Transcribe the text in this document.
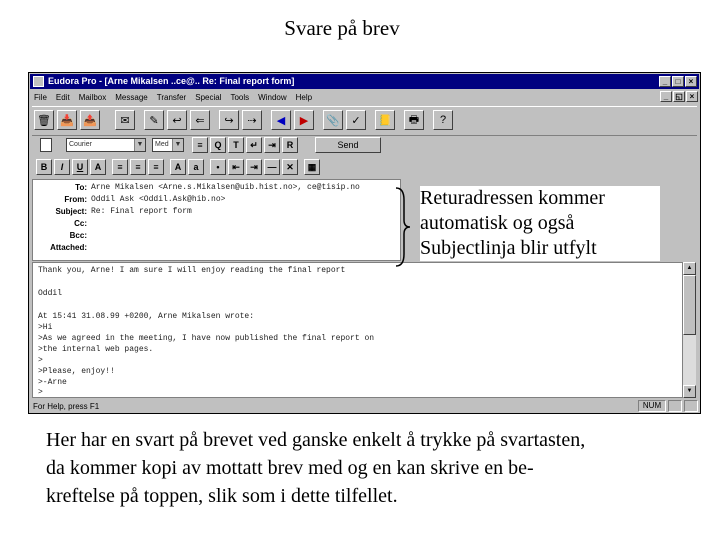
Svare på brev
Eudora Pro - [Arne Mikalsen ..ce@.. Re: Final report form]	_	□	×
File Edit Mailbox Message Transfer Special Tools Window Help	_ ◱ ×
🗑 📥 📤	✉	✎	↩	⇐	↪	⇢	◀ ▶ 📎	✓	📒	🖶	?
Courier	▼	Med ▼	≡	Q	T	↵	⇥	R	Send
B	I U	A	≡	≡	≡	A	a	•	⇤	⇥	—	✕	▦
To: Arne Mikalsen <Arne.s.Mikalsen@uib.hist.no>, ce@tisip.no
From: Oddil Ask <Oddil.Ask@hib.no>
Subject: Re: Final report form
Cc:
Bcc:
Attached:
Thank you, Arne! I am sure I will enjoy reading the final report
Oddil
At 15:41 31.08.99 +0200, Arne Mikalsen wrote:
>Hi
>As we agreed in the meeting, I have now published the final report on
>the internal web pages.
>
>Please, enjoy!!
>-Arne
>
▲
▼
For Help, press F1	NUM
Returadressen kommer
automatisk og også
Subjectlinja blir utfylt
Her har en svart på brevet ved ganske enkelt å trykke på svartasten,
da kommer kopi av mottatt brev med og en kan skrive en be-
kreftelse på toppen, slik som i dette tilfellet.
